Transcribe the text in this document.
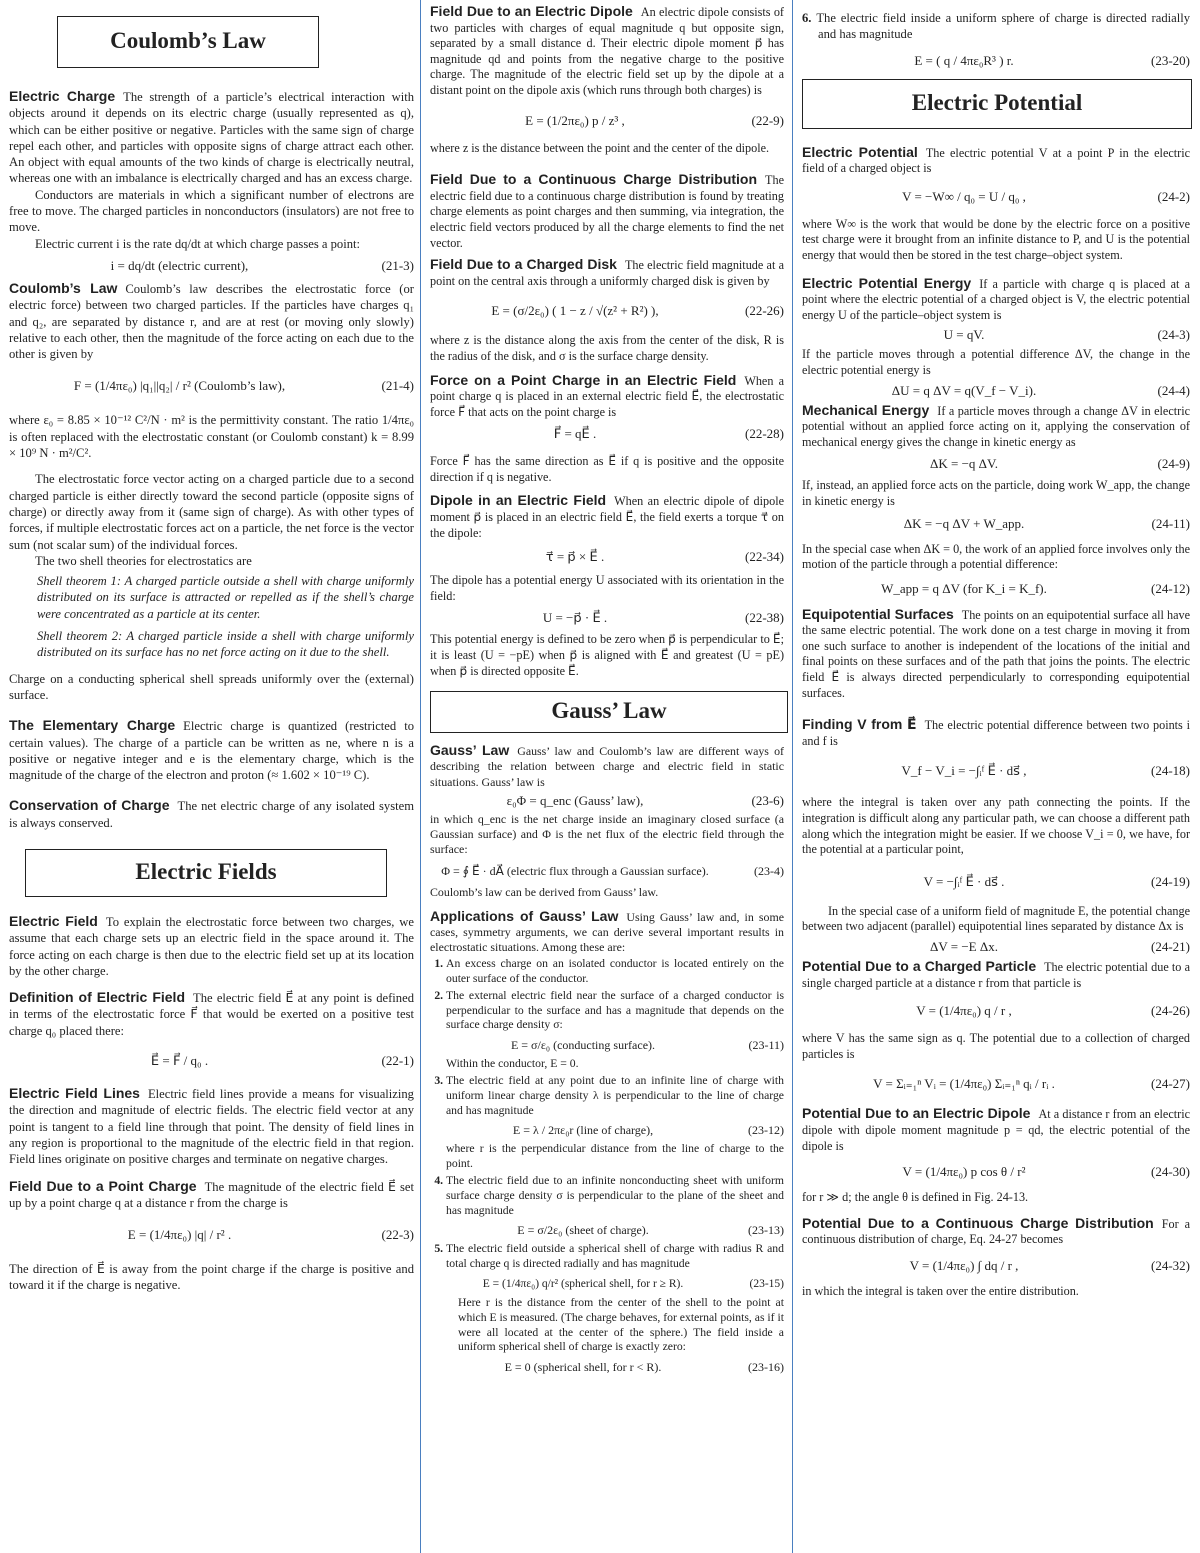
Coulomb’s Law

Electric Charge The strength of a particle’s electrical interaction with objects around it depends on its electric charge (usually represented as q), which can be either positive or negative. Particles with the same sign of charge repel each other, and particles with opposite signs of charge attract each other. An object with equal amounts of the two kinds of charge is electrically neutral, whereas one with an imbalance is electrically charged and has an excess charge.

Conductors are materials in which a significant number of electrons are free to move. The charged particles in nonconductors (insulators) are not free to move.

Electric current i is the rate dq/dt at which charge passes a point:

i = dq/dt (electric current),	(21-3)

Coulomb’s Law Coulomb’s law describes the electrostatic force (or electric force) between two charged particles. If the particles have charges q₁ and q₂, are separated by distance r, and are at rest (or moving only slowly) relative to each other, then the magnitude of the force acting on each due to the other is given by

F = (1/4πε₀) |q₁||q₂| / r² (Coulomb’s law),	(21-4)

where ε₀ = 8.85 × 10⁻¹² C²/N · m² is the permittivity constant. The ratio 1/4πε₀ is often replaced with the electrostatic constant (or Coulomb constant) k = 8.99 × 10⁹ N · m²/C².

The electrostatic force vector acting on a charged particle due to a second charged particle is either directly toward the second particle (opposite signs of charge) or directly away from it (same sign of charge). As with other types of forces, if multiple electrostatic forces act on a particle, the net force is the vector sum (not scalar sum) of the individual forces.

The two shell theories for electrostatics are

Shell theorem 1: A charged particle outside a shell with charge uniformly distributed on its surface is attracted or repelled as if the shell’s charge were concentrated as a particle at its center.

Shell theorem 2: A charged particle inside a shell with charge uniformly distributed on its surface has no net force acting on it due to the shell.

Charge on a conducting spherical shell spreads uniformly over the (external) surface.

The Elementary Charge Electric charge is quantized (restricted to certain values). The charge of a particle can be written as ne, where n is a positive or negative integer and e is the elementary charge, which is the magnitude of the charge of the electron and proton (≈ 1.602 × 10⁻¹⁹ C).

Conservation of Charge The net electric charge of any isolated system is always conserved.

Electric Fields

Electric Field To explain the electrostatic force between two charges, we assume that each charge sets up an electric field in the space around it. The force acting on each charge is then due to the electric field set up at its location by the other charge.

Definition of Electric Field The electric field E⃗ at any point is defined in terms of the electrostatic force F⃗ that would be exerted on a positive test charge q₀ placed there:

E⃗ = F⃗ / q₀ .	(22-1)

Electric Field Lines Electric field lines provide a means for visualizing the direction and magnitude of electric fields. The electric field vector at any point is tangent to a field line through that point. The density of field lines in any region is proportional to the magnitude of the electric field in that region. Field lines originate on positive charges and terminate on negative charges.

Field Due to a Point Charge The magnitude of the electric field E⃗ set up by a point charge q at a distance r from the charge is

E = (1/4πε₀) |q| / r² .	(22-3)

The direction of E⃗ is away from the point charge if the charge is positive and toward it if the charge is negative.

Field Due to an Electric Dipole An electric dipole consists of two particles with charges of equal magnitude q but opposite sign, separated by a small distance d. Their electric dipole moment p⃗ has magnitude qd and points from the negative charge to the positive charge. The magnitude of the electric field set up by the dipole at a distant point on the dipole axis (which runs through both charges) is

E = (1/2πε₀) p / z³ ,	(22-9)

where z is the distance between the point and the center of the dipole.

Field Due to a Continuous Charge Distribution The electric field due to a continuous charge distribution is found by treating charge elements as point charges and then summing, via integration, the electric field vectors produced by all the charge elements to find the net vector.

Field Due to a Charged Disk The electric field magnitude at a point on the central axis through a uniformly charged disk is given by

E = (σ/2ε₀) ( 1 − z / √(z² + R²) ),	(22-26)

where z is the distance along the axis from the center of the disk, R is the radius of the disk, and σ is the surface charge density.

Force on a Point Charge in an Electric Field When a point charge q is placed in an external electric field E⃗, the electrostatic force F⃗ that acts on the point charge is

F⃗ = qE⃗ .	(22-28)

Force F⃗ has the same direction as E⃗ if q is positive and the opposite direction if q is negative.

Dipole in an Electric Field When an electric dipole of dipole moment p⃗ is placed in an electric field E⃗, the field exerts a torque τ⃗ on the dipole:

τ⃗ = p⃗ × E⃗ .	(22-34)

The dipole has a potential energy U associated with its orientation in the field:

U = −p⃗ · E⃗ .	(22-38)

This potential energy is defined to be zero when p⃗ is perpendicular to E⃗; it is least (U = −pE) when p⃗ is aligned with E⃗ and greatest (U = pE) when p⃗ is directed opposite E⃗.

Gauss’ Law

Gauss’ Law Gauss’ law and Coulomb’s law are different ways of describing the relation between charge and electric field in static situations. Gauss’ law is

ε₀Φ = q_enc (Gauss’ law),	(23-6)

in which q_enc is the net charge inside an imaginary closed surface (a Gaussian surface) and Φ is the net flux of the electric field through the surface:

Φ = ∮ E⃗ · dA⃗ (electric flux through a Gaussian surface).	(23-4)

Coulomb’s law can be derived from Gauss’ law.

Applications of Gauss’ Law Using Gauss’ law and, in some cases, symmetry arguments, we can derive several important results in electrostatic situations. Among these are:

1. An excess charge on an isolated conductor is located entirely on the outer surface of the conductor.
2. The external electric field near the surface of a charged conductor is perpendicular to the surface and has a magnitude that depends on the surface charge density σ:
E = σ/ε₀ (conducting surface).	(23-11)
Within the conductor, E = 0.
3. The electric field at any point due to an infinite line of charge with uniform linear charge density λ is perpendicular to the line of charge and has magnitude
E = λ / 2πε₀r (line of charge),	(23-12)
where r is the perpendicular distance from the line of charge to the point.
4. The electric field due to an infinite nonconducting sheet with uniform surface charge density σ is perpendicular to the plane of the sheet and has magnitude
E = σ/2ε₀ (sheet of charge).	(23-13)
5. The electric field outside a spherical shell of charge with radius R and total charge q is directed radially and has magnitude
E = (1/4πε₀) q/r² (spherical shell, for r ≥ R).	(23-15)
Here r is the distance from the center of the shell to the point at which E is measured. (The charge behaves, for external points, as if it were all located at the center of the sphere.) The field inside a uniform spherical shell of charge is exactly zero:
E = 0 (spherical shell, for r < R).	(23-16)

6. The electric field inside a uniform sphere of charge is directed radially and has magnitude

E = ( q / 4πε₀R³ ) r.	(23-20)
Electric Potential

Electric Potential The electric potential V at a point P in the electric field of a charged object is

V = −W∞ / q₀ = U / q₀ ,	(24-2)

where W∞ is the work that would be done by the electric force on a positive test charge were it brought from an infinite distance to P, and U is the potential energy that would then be stored in the test charge–object system.

Electric Potential Energy If a particle with charge q is placed at a point where the electric potential of a charged object is V, the electric potential energy U of the particle–object system is

U = qV.	(24-3)

If the particle moves through a potential difference ΔV, the change in the electric potential energy is

ΔU = q ΔV = q(V_f − V_i).	(24-4)

Mechanical Energy If a particle moves through a change ΔV in electric potential without an applied force acting on it, applying the conservation of mechanical energy gives the change in kinetic energy as

ΔK = −q ΔV.	(24-9)

If, instead, an applied force acts on the particle, doing work W_app, the change in kinetic energy is

ΔK = −q ΔV + W_app.	(24-11)

In the special case when ΔK = 0, the work of an applied force involves only the motion of the particle through a potential difference:

W_app = q ΔV (for K_i = K_f).	(24-12)

Equipotential Surfaces The points on an equipotential surface all have the same electric potential. The work done on a test charge in moving it from one such surface to another is independent of the locations of the initial and final points on these surfaces and of the path that joins the points. The electric field E⃗ is always directed perpendicularly to corresponding equipotential surfaces.

Finding V from E⃗ The electric potential difference between two points i and f is

V_f − V_i = −∫ᵢᶠ E⃗ · ds⃗ ,	(24-18)

where the integral is taken over any path connecting the points. If the integration is difficult along any particular path, we can choose a different path along which the integration might be easier. If we choose V_i = 0, we have, for the potential at a particular point,

V = −∫ᵢᶠ E⃗ · ds⃗ .	(24-19)

In the special case of a uniform field of magnitude E, the potential change between two adjacent (parallel) equipotential lines separated by distance Δx is

ΔV = −E Δx.	(24-21)

Potential Due to a Charged Particle The electric potential due to a single charged particle at a distance r from that particle is

V = (1/4πε₀) q / r ,	(24-26)

where V has the same sign as q. The potential due to a collection of charged particles is

V = Σᵢ₌₁ⁿ Vᵢ = (1/4πε₀) Σᵢ₌₁ⁿ qᵢ / rᵢ .	(24-27)

Potential Due to an Electric Dipole At a distance r from an electric dipole with dipole moment magnitude p = qd, the electric potential of the dipole is

V = (1/4πε₀) p cos θ / r²	(24-30)

for r ≫ d; the angle θ is defined in Fig. 24-13.

Potential Due to a Continuous Charge Distribution For a continuous distribution of charge, Eq. 24-27 becomes

V = (1/4πε₀) ∫ dq / r ,	(24-32)

in which the integral is taken over the entire distribution.
